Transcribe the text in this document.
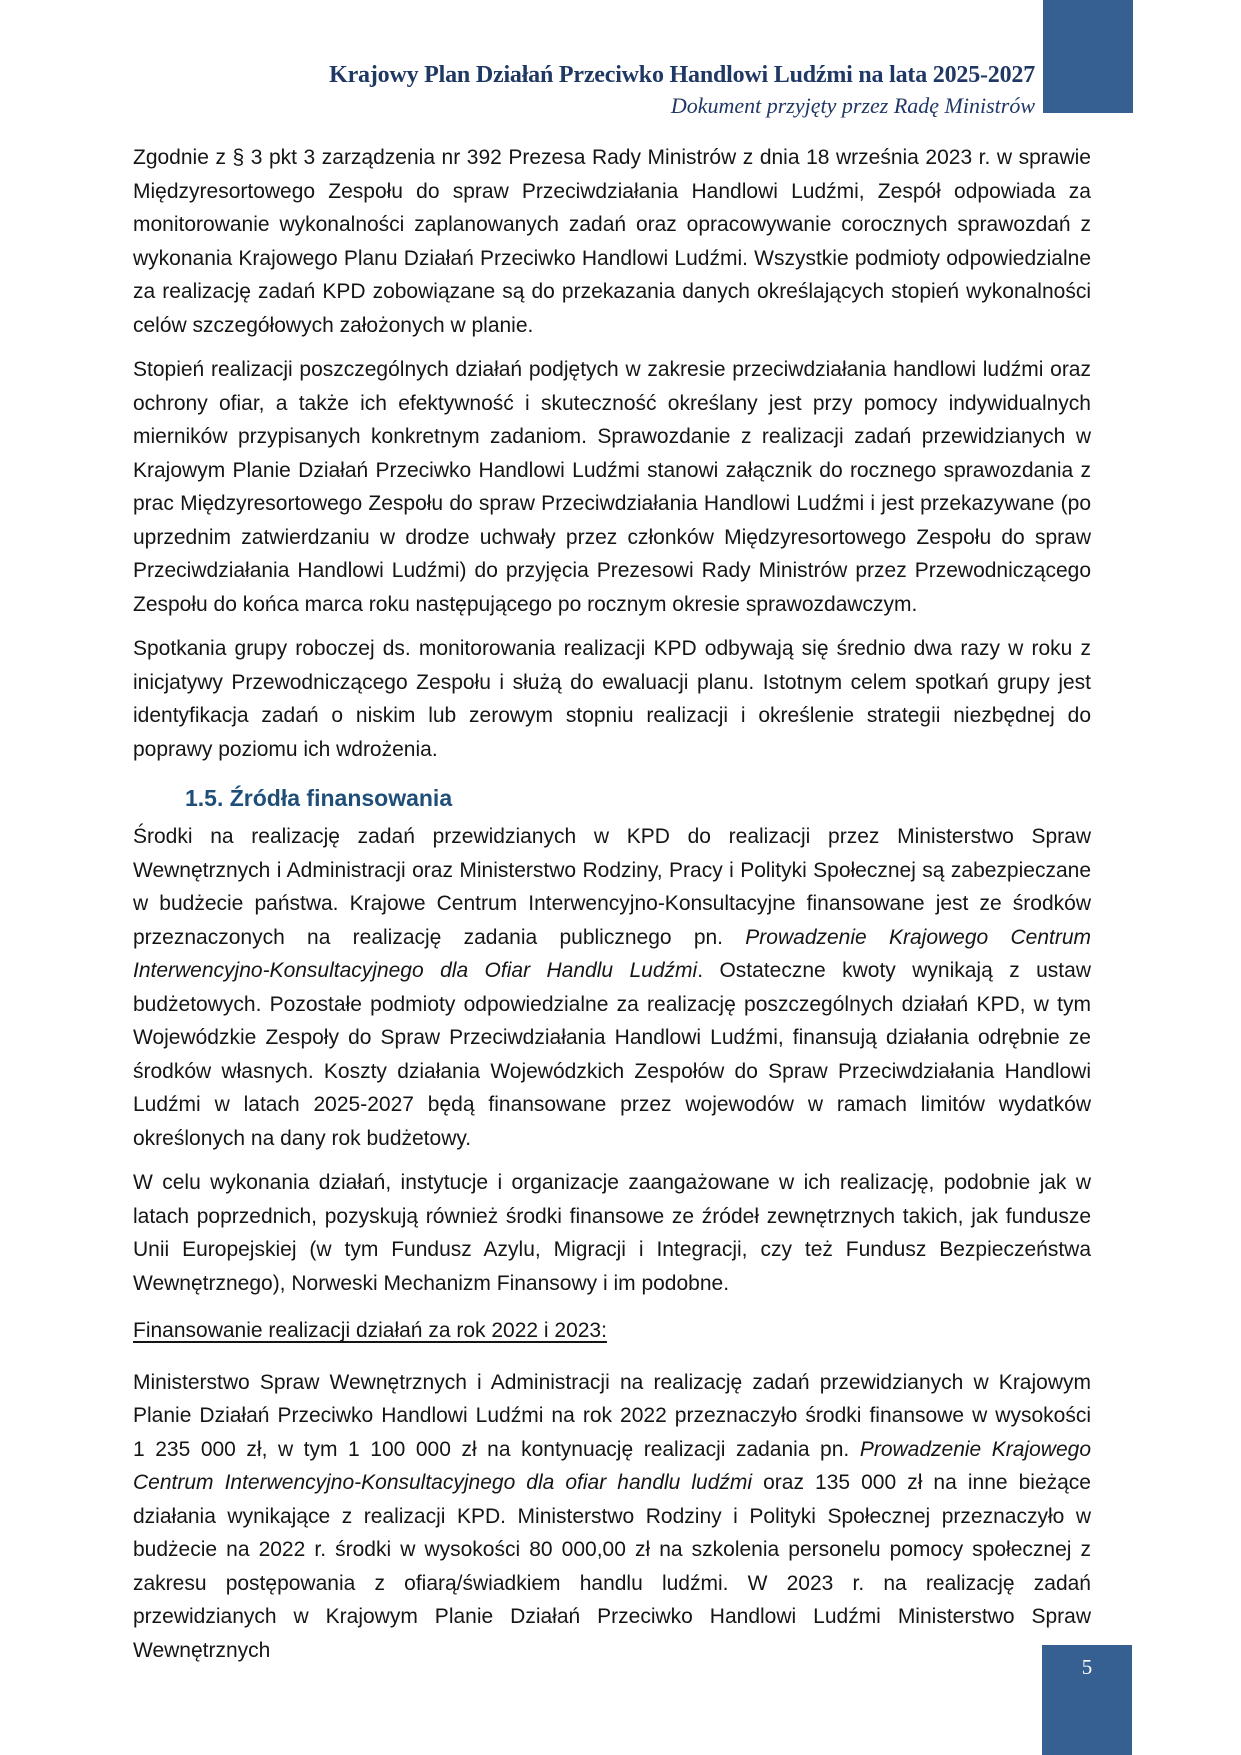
Krajowy Plan Działań Przeciwko Handlowi Ludźmi na lata 2025-2027
Dokument przyjęty przez Radę Ministrów

Zgodnie z § 3 pkt 3 zarządzenia nr 392 Prezesa Rady Ministrów z dnia 18 września 2023 r. w sprawie Międzyresortowego Zespołu do spraw Przeciwdziałania Handlowi Ludźmi, Zespół odpowiada za monitorowanie wykonalności zaplanowanych zadań oraz opracowywanie corocznych sprawozdań z wykonania Krajowego Planu Działań Przeciwko Handlowi Ludźmi. Wszystkie podmioty odpowiedzialne za realizację zadań KPD zobowiązane są do przekazania danych określających stopień wykonalności celów szczegółowych założonych w planie.

Stopień realizacji poszczególnych działań podjętych w zakresie przeciwdziałania handlowi ludźmi oraz ochrony ofiar, a także ich efektywność i skuteczność określany jest przy pomocy indywidualnych mierników przypisanych konkretnym zadaniom. Sprawozdanie z realizacji zadań przewidzianych w Krajowym Planie Działań Przeciwko Handlowi Ludźmi stanowi załącznik do rocznego sprawozdania z prac Międzyresortowego Zespołu do spraw Przeciwdziałania Handlowi Ludźmi i jest przekazywane (po uprzednim zatwierdzaniu w drodze uchwały przez członków Międzyresortowego Zespołu do spraw Przeciwdziałania Handlowi Ludźmi) do przyjęcia Prezesowi Rady Ministrów przez Przewodniczącego Zespołu do końca marca roku następującego po rocznym okresie sprawozdawczym.

Spotkania grupy roboczej ds. monitorowania realizacji KPD odbywają się średnio dwa razy w roku z inicjatywy Przewodniczącego Zespołu i służą do ewaluacji planu. Istotnym celem spotkań grupy jest identyfikacja zadań o niskim lub zerowym stopniu realizacji i określenie strategii niezbędnej do poprawy poziomu ich wdrożenia.

1.5. Źródła finansowania

Środki na realizację zadań przewidzianych w KPD do realizacji przez Ministerstwo Spraw Wewnętrznych i Administracji oraz Ministerstwo Rodziny, Pracy i Polityki Społecznej są zabezpieczane w budżecie państwa. Krajowe Centrum Interwencyjno-Konsultacyjne finansowane jest ze środków przeznaczonych na realizację zadania publicznego pn. Prowadzenie Krajowego Centrum Interwencyjno-Konsultacyjnego dla Ofiar Handlu Ludźmi. Ostateczne kwoty wynikają z ustaw budżetowych. Pozostałe podmioty odpowiedzialne za realizację poszczególnych działań KPD, w tym Wojewódzkie Zespoły do Spraw Przeciwdziałania Handlowi Ludźmi, finansują działania odrębnie ze środków własnych. Koszty działania Wojewódzkich Zespołów do Spraw Przeciwdziałania Handlowi Ludźmi w latach 2025-2027 będą finansowane przez wojewodów w ramach limitów wydatków określonych na dany rok budżetowy.

W celu wykonania działań, instytucje i organizacje zaangażowane w ich realizację, podobnie jak w latach poprzednich, pozyskują również środki finansowe ze źródeł zewnętrznych takich, jak fundusze Unii Europejskiej (w tym Fundusz Azylu, Migracji i Integracji, czy też Fundusz Bezpieczeństwa Wewnętrznego), Norweski Mechanizm Finansowy i im podobne.

Finansowanie realizacji działań za rok 2022 i 2023:

Ministerstwo Spraw Wewnętrznych i Administracji na realizację zadań przewidzianych w Krajowym Planie Działań Przeciwko Handlowi Ludźmi na rok 2022 przeznaczyło środki finansowe w wysokości 1 235 000 zł, w tym 1 100 000 zł na kontynuację realizacji zadania pn. Prowadzenie Krajowego Centrum Interwencyjno-Konsultacyjnego dla ofiar handlu ludźmi oraz 135 000 zł na inne bieżące działania wynikające z realizacji KPD. Ministerstwo Rodziny i Polityki Społecznej przeznaczyło w budżecie na 2022 r. środki w wysokości 80 000,00 zł na szkolenia personelu pomocy społecznej z zakresu postępowania z ofiarą/świadkiem handlu ludźmi. W 2023 r. na realizację zadań przewidzianych w Krajowym Planie Działań Przeciwko Handlowi Ludźmi Ministerstwo Spraw Wewnętrznych

5
